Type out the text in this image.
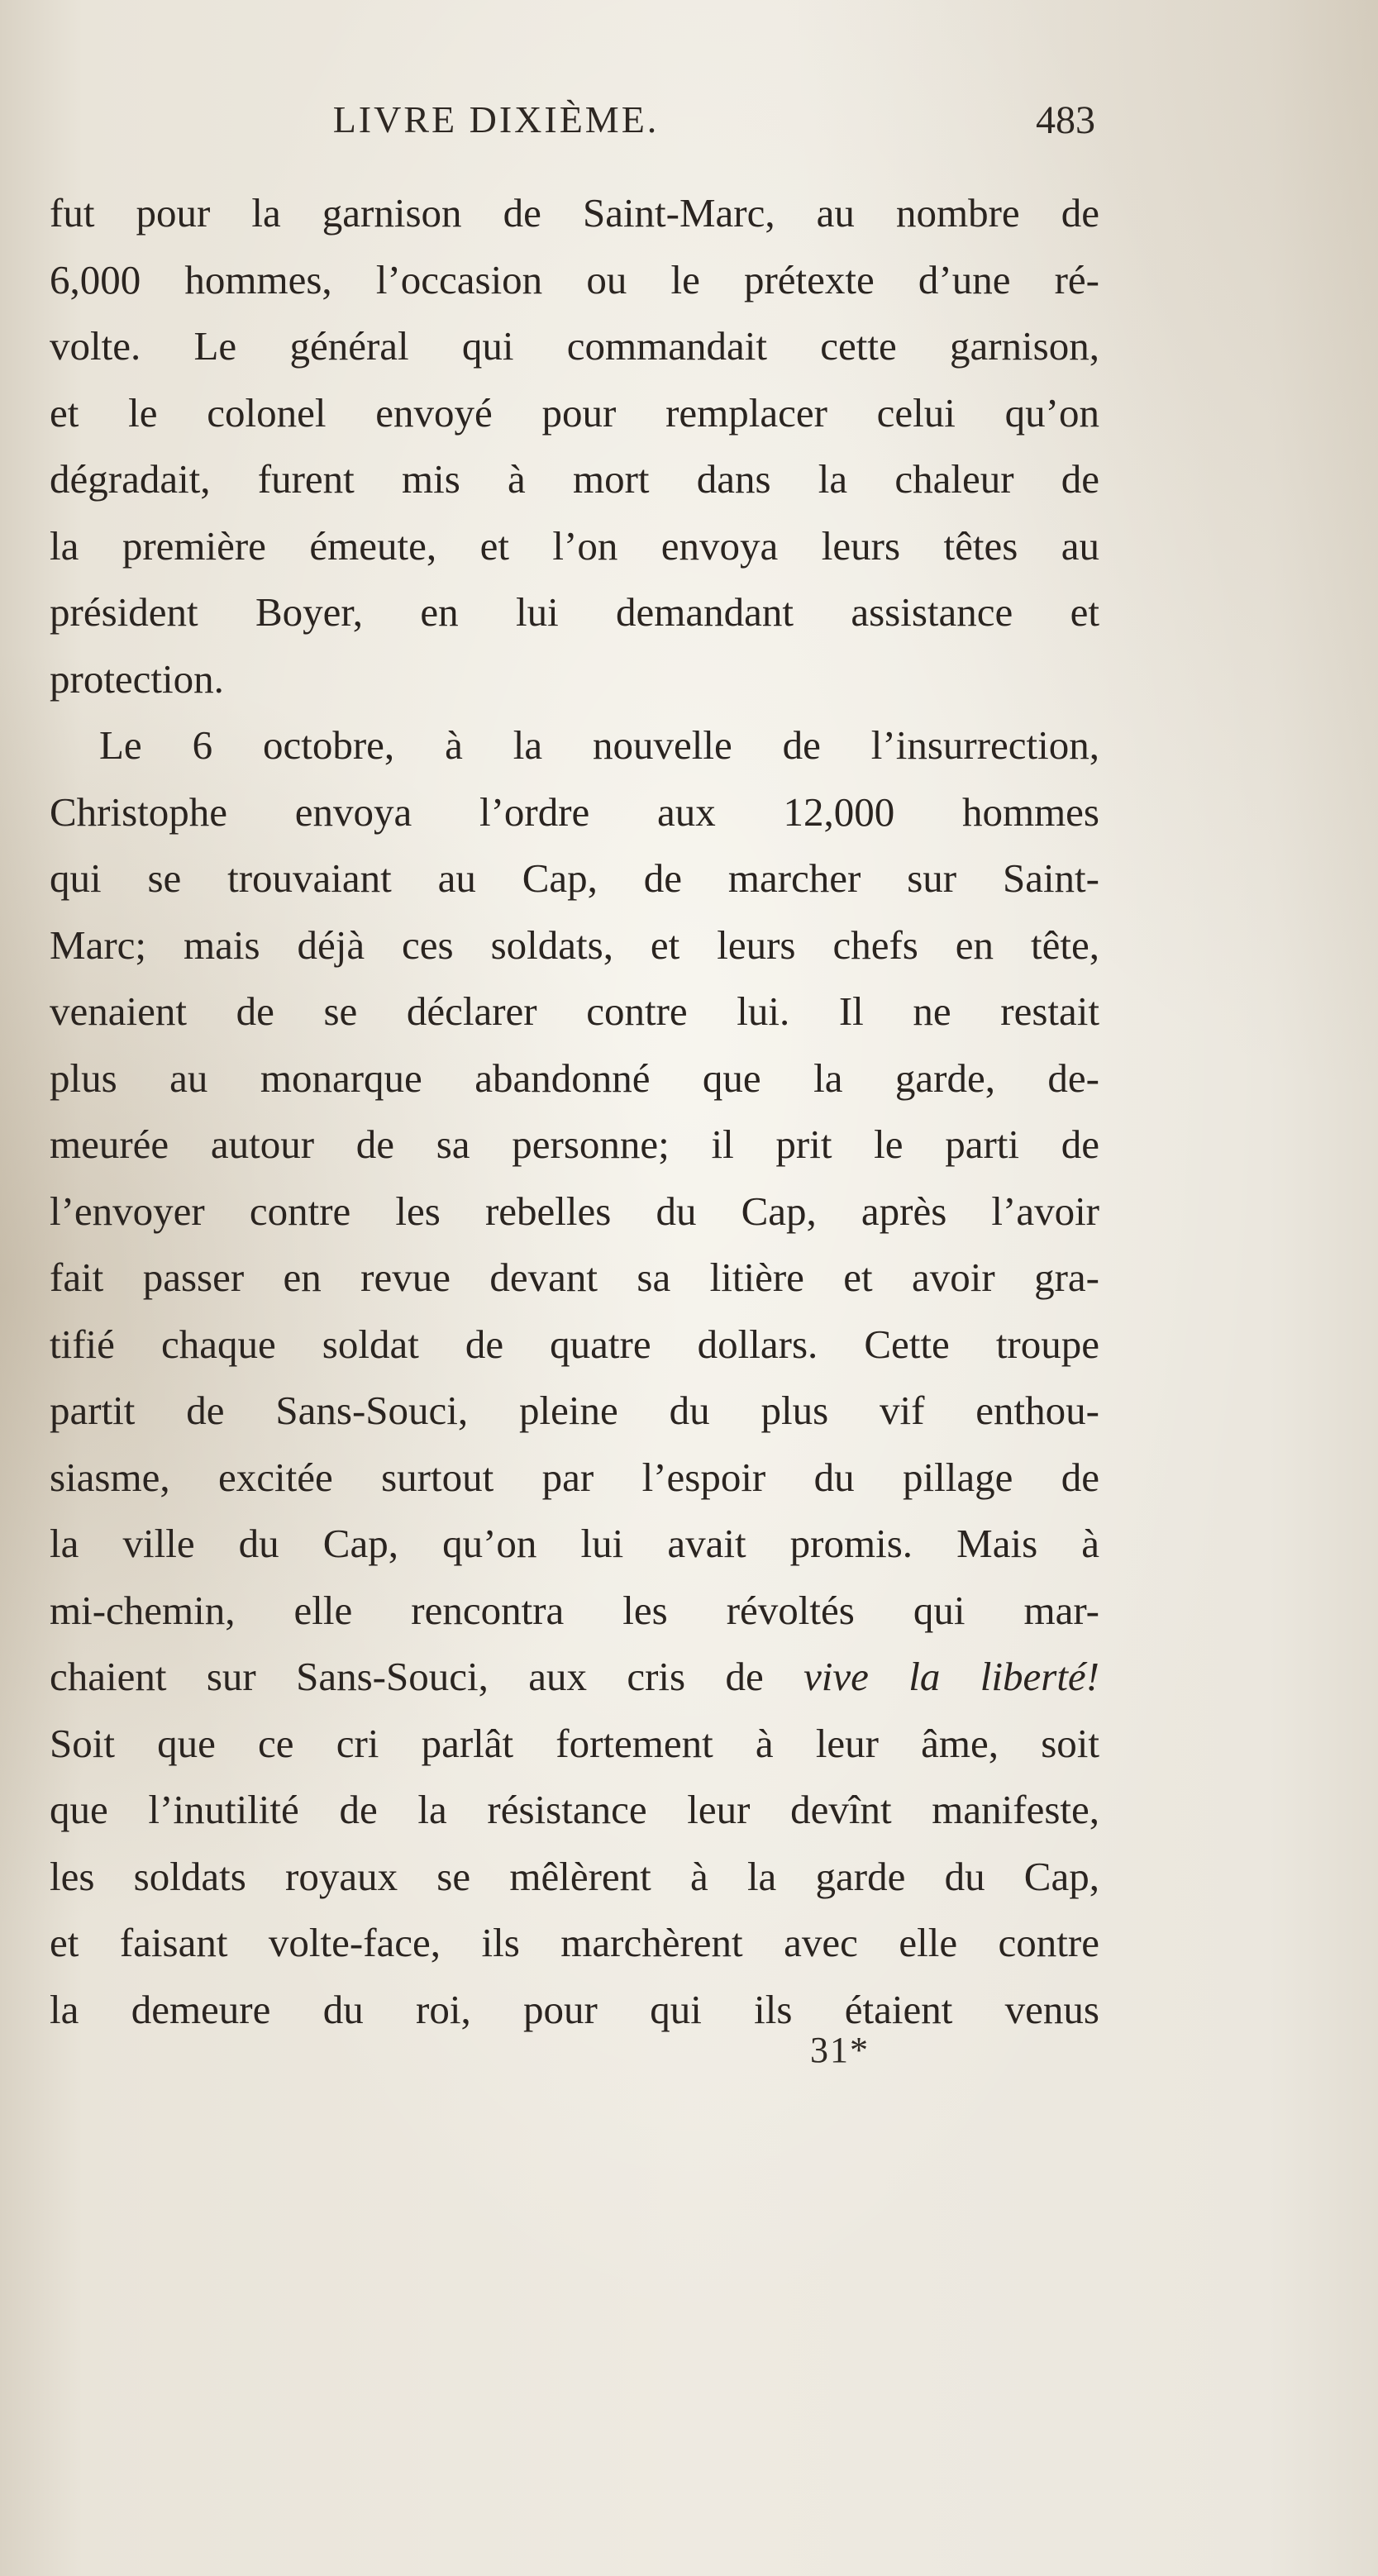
LIVRE DIXIÈME.	483
fut pour la garnison de Saint-Marc, au nombre de
6,000 hommes, l’occasion ou le prétexte d’une ré-
volte. Le général qui commandait cette garnison,
et le colonel envoyé pour remplacer celui qu’on
dégradait, furent mis à mort dans la chaleur de
la première émeute, et l’on envoya leurs têtes au
président Boyer, en lui demandant assistance et
protection.
Le 6 octobre, à la nouvelle de l’insurrection,
Christophe envoya l’ordre aux 12,000 hommes
qui se trouvaiant au Cap, de marcher sur Saint-
Marc; mais déjà ces soldats, et leurs chefs en tête,
venaient de se déclarer contre lui. Il ne restait
plus au monarque abandonné que la garde, de-
meurée autour de sa personne; il prit le parti de
l’envoyer contre les rebelles du Cap, après l’avoir
fait passer en revue devant sa litière et avoir gra-
tifié chaque soldat de quatre dollars. Cette troupe
partit de Sans-Souci, pleine du plus vif enthou-
siasme, excitée surtout par l’espoir du pillage de
la ville du Cap, qu’on lui avait promis. Mais à
mi-chemin, elle rencontra les révoltés qui mar-
chaient sur Sans-Souci, aux cris de vive la liberté!
Soit que ce cri parlât fortement à leur âme, soit
que l’inutilité de la résistance leur devînt manifeste,
les soldats royaux se mêlèrent à la garde du Cap,
et faisant volte-face, ils marchèrent avec elle contre
la demeure du roi, pour qui ils étaient venus
31*
